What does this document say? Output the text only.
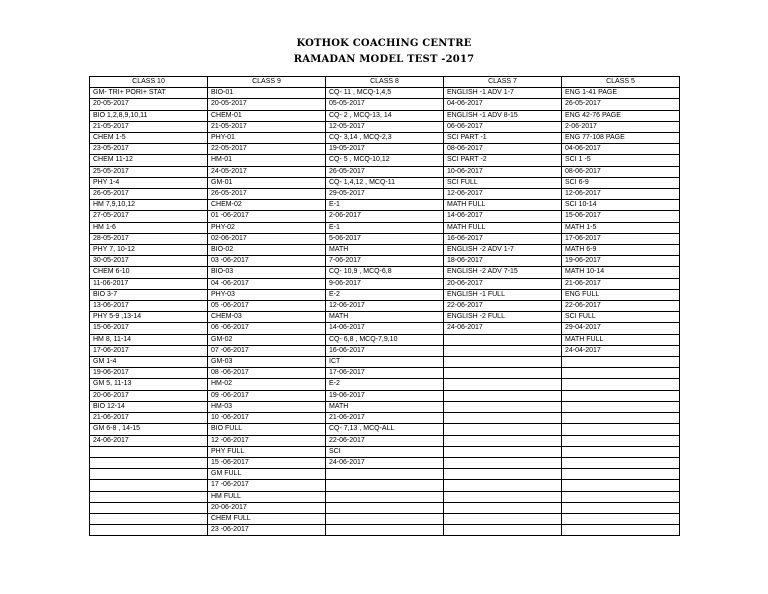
KOTHOK COACHING CENTRE
RAMADAN MODEL TEST -2017
CLASS 10	CLASS 9	CLASS 8	CLASS 7	CLASS 5
GM- TRI+ PORI+ STAT	BIO-01	CQ- 11 , MCQ-1,4,5	ENGLISH -1 ADV 1-7	ENG 1-41 PAGE
20-05-2017	20-05-2017	05-05-2017	04-06-2017	26-05-2017
BIO 1,2,8,9,10,11	CHEM-01	CQ- 2 , MCQ-13, 14	ENGLISH -1 ADV 8-15	ENG 42-76 PAGE
21-05-2017	21-05-2017	12-05-2017	06-06-2017	2-06-2017
CHEM 1-5	PHY-01	CQ- 3,14 , MCQ-2,3	SCI PART -1	ENG 77-108 PAGE
23-05-2017	22-05-2017	19-05-2017	08-06-2017	04-06-2017
CHEM 11-12	HM-01	CQ- 5 , MCQ-10,12	SCI PART -2	SCI 1 -5
25-05-2017	24-05-2017	26-05-2017	10-06-2017	08-06-2017
PHY 1-4	GM-01	CQ- 1,4,12 , MCQ-11	SCI FULL	SCI 6-9
26-05-2017	26-05-2017	29-05-2017	12-06-2017	12-06-2017
HM 7,9,10,12	CHEM-02	E-1	MATH FULL	SCI 10-14
27-05-2017	01 -06-2017	2-06-2017	14-06-2017	15-06-2017
HM 1-6	PHY-02	E-1	MATH FULL	MATH 1-5
28-05-2017	02-06-2017	5-06-2017	16-06-2017	17-06-2017
PHY 7, 10-12	BIO-02	MATH	ENGLISH -2 ADV 1-7	MATH 6-9
30-05-2017	03 -06-2017	7-06-2017	18-06-2017	19-06-2017
CHEM 6-10	BIO-03	CQ- 10,9 , MCQ-6,8	ENGLISH -2 ADV 7-15	MATH 10-14
11-06-2017	04 -06-2017	9-06-2017	20-06-2017	21-06-2017
BIO 3-7	PHY-03	E-2	ENGLISH -1 FULL	ENG FULL
13-06-2017	05 -06-2017	12-06-2017	22-06-2017	22-06-2017
PHY 5-9 ,13-14	CHEM-03	MATH	ENGLISH -2 FULL	SCI FULL
15-06-2017	06 -06-2017	14-06-2017	24-06-2017	29-04-2017
HM 8, 11-14	GM-02	CQ- 6,8 , MCQ-7,9,10		MATH FULL
17-06-2017	07 -06-2017	16-06-2017		24-04-2017
GM 1-4	GM-03	ICT		
19-06-2017	08 -06-2017	17-06-2017		
GM 5, 11-13	HM-02	E-2		
20-06-2017	09 -06-2017	19-06-2017		
BIO 12-14	HM-03	MATH		
21-06-2017	10 -06-2017	21-06-2017		
GM 6-8 , 14-15	BIO FULL	CQ- 7,13 , MCQ-ALL		
24-06-2017	12 -06-2017	22-06-2017		
	PHY FULL	SCI		
	15 -06-2017	24-06-2017		
	GM FULL			
	17 -06-2017			
	HM FULL			
	20-06-2017			
	CHEM FULL			
	23 -06-2017			
